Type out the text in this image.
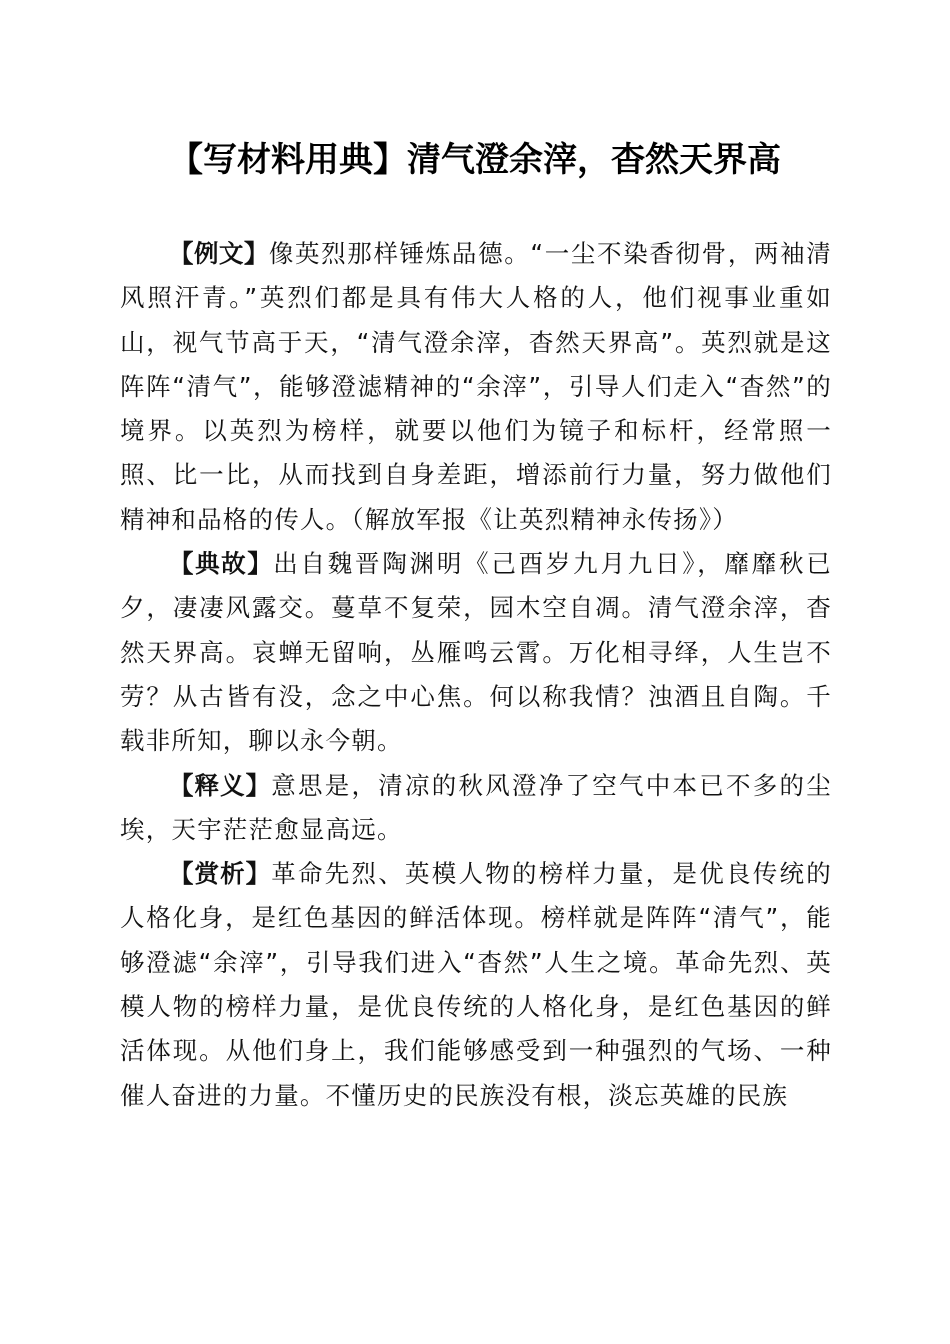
【写材料用典】清气澄余滓，杳然天界高

【例文】像英烈那样锤炼品德。“一尘不染香彻骨，两袖清风照汗青。”英烈们都是具有伟大人格的人，他们视事业重如山，视气节高于天，“清气澄余滓，杳然天界高”。英烈就是这阵阵“清气”，能够澄滤精神的“余滓”，引导人们走入“杳然”的境界。以英烈为榜样，就要以他们为镜子和标杆，经常照一照、比一比，从而找到自身差距，增添前行力量，努力做他们精神和品格的传人。（解放军报《让英烈精神永传扬》）

【典故】出自魏晋陶渊明《己酉岁九月九日》，靡靡秋已夕，凄凄风露交。蔓草不复荣，园木空自凋。清气澄余滓，杳然天界高。哀蝉无留响，丛雁鸣云霄。万化相寻绎，人生岂不劳？从古皆有没，念之中心焦。何以称我情？浊酒且自陶。千载非所知，聊以永今朝。

【释义】意思是，清凉的秋风澄净了空气中本已不多的尘埃，天宇茫茫愈显高远。

【赏析】革命先烈、英模人物的榜样力量，是优良传统的人格化身，是红色基因的鲜活体现。榜样就是阵阵“清气”，能够澄滤“余滓”，引导我们进入“杳然”人生之境。革命先烈、英模人物的榜样力量，是优良传统的人格化身，是红色基因的鲜活体现。从他们身上，我们能够感受到一种强烈的气场、一种催人奋进的力量。不懂历史的民族没有根，淡忘英雄的民族
